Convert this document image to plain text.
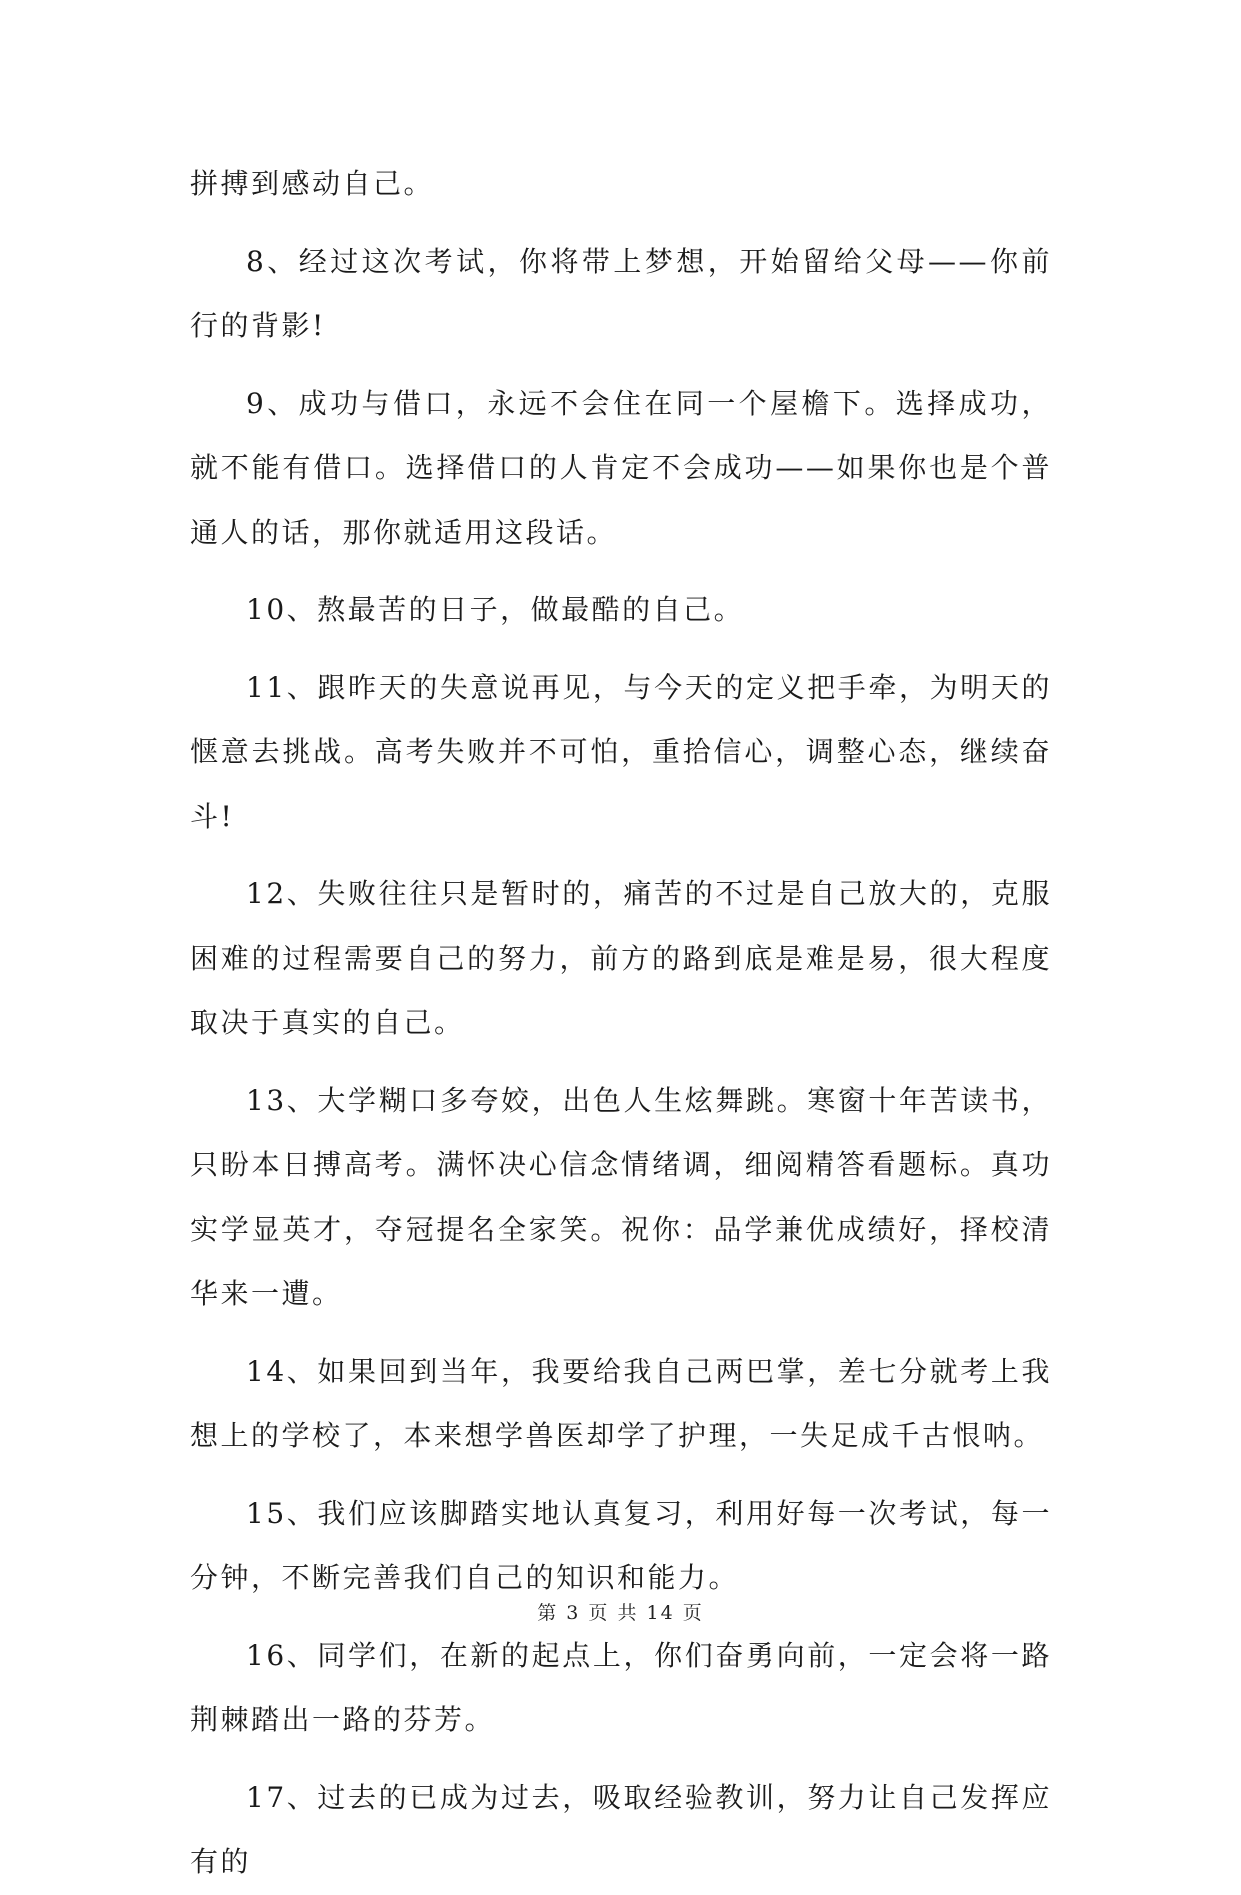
拼搏到感动自己。

8、经过这次考试，你将带上梦想，开始留给父母——你前行的背影!

9、成功与借口，永远不会住在同一个屋檐下。选择成功，就不能有借口。选择借口的人肯定不会成功——如果你也是个普通人的话，那你就适用这段话。

10、熬最苦的日子，做最酷的自己。

11、跟昨天的失意说再见，与今天的定义把手牵，为明天的惬意去挑战。高考失败并不可怕，重拾信心，调整心态，继续奋斗!

12、失败往往只是暂时的，痛苦的不过是自己放大的，克服困难的过程需要自己的努力，前方的路到底是难是易，很大程度取决于真实的自己。

13、大学糊口多夸姣，出色人生炫舞跳。寒窗十年苦读书，只盼本日搏高考。满怀决心信念情绪调，细阅精答看题标。真功实学显英才，夺冠提名全家笑。祝你：品学兼优成绩好，择校清华来一遭。

14、如果回到当年，我要给我自己两巴掌，差七分就考上我想上的学校了，本来想学兽医却学了护理，一失足成千古恨呐。

15、我们应该脚踏实地认真复习，利用好每一次考试，每一分钟，不断完善我们自己的知识和能力。

16、同学们，在新的起点上，你们奋勇向前，一定会将一路荆棘踏出一路的芬芳。

17、过去的已成为过去，吸取经验教训，努力让自己发挥应有的

第 3 页 共 14 页
